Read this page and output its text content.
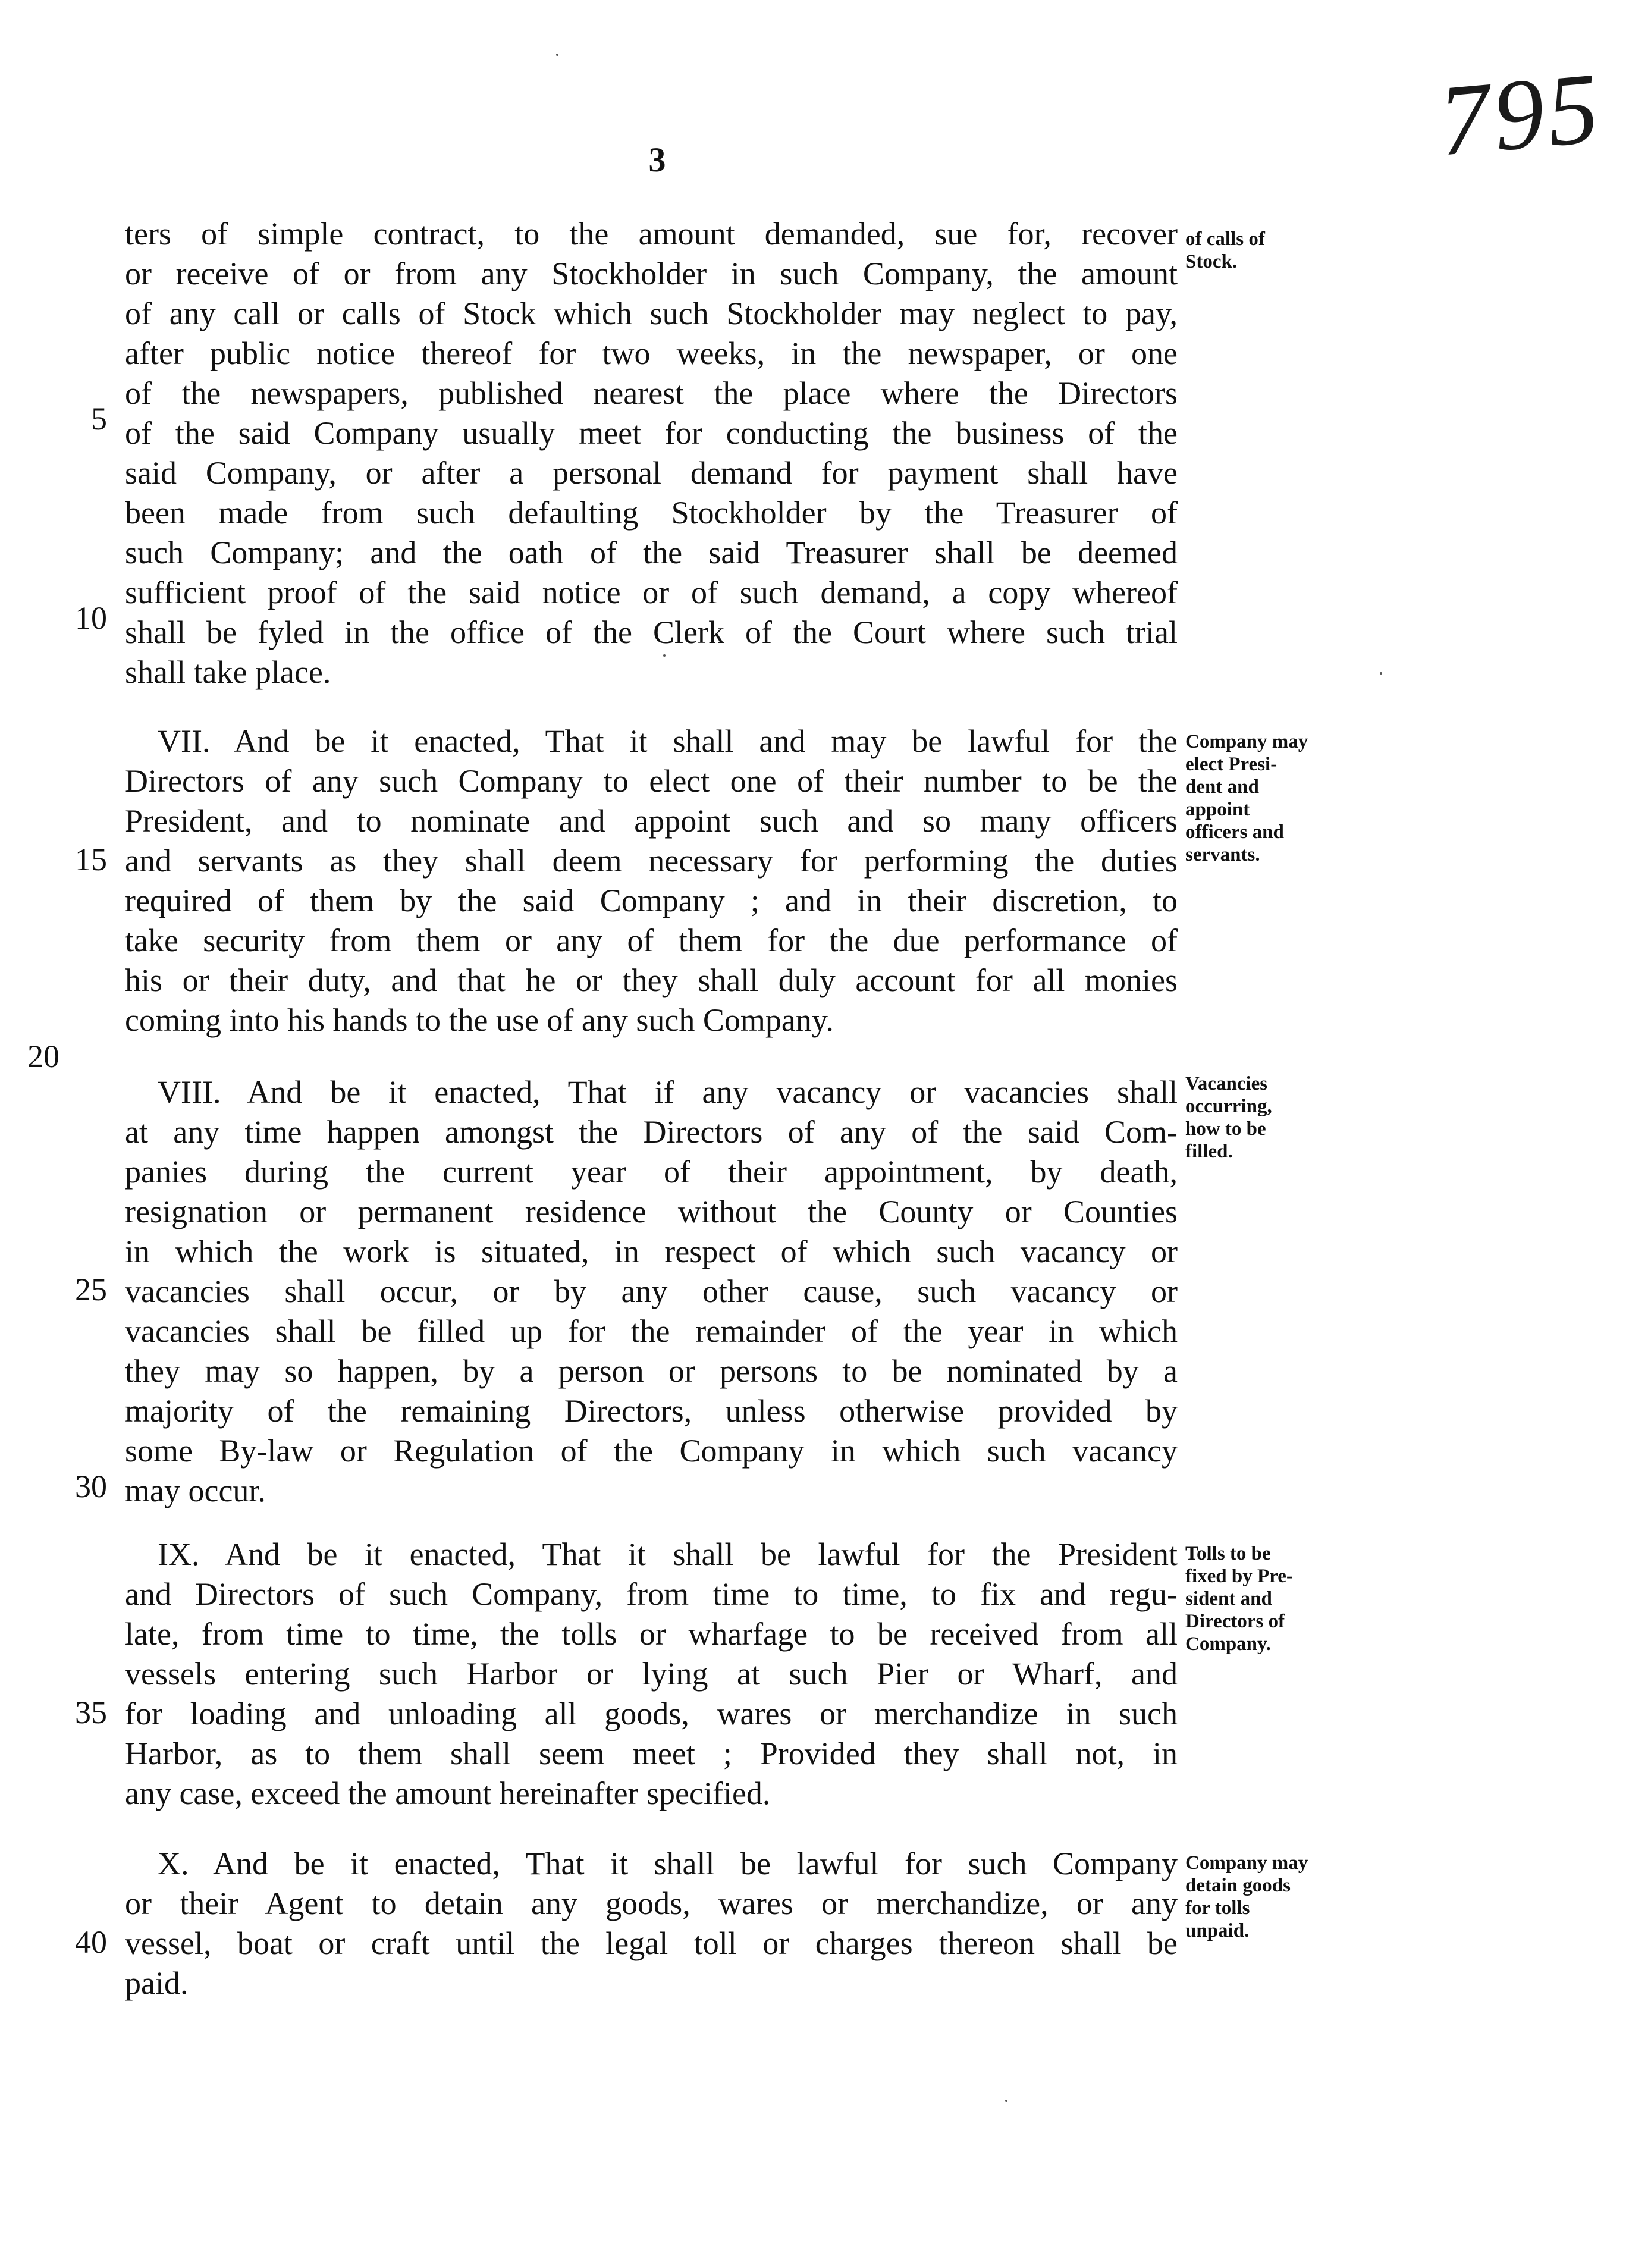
3	795
ters of simple contract, to the amount demanded, sue for, recover
or receive of or from any Stockholder in such Company, the amount
of any call or calls of Stock which such Stockholder may neglect to pay,
after public notice thereof for two weeks, in the newspaper, or one
of the newspapers, published nearest the place where the Directors
of the said Company usually meet for conducting the business of the
said Company, or after a personal demand for payment shall have
been made from such defaulting Stockholder by the Treasurer of
such Company; and the oath of the said Treasurer shall be deemed
sufficient proof of the said notice or of such demand, a copy whereof
shall be fyled in the office of the Clerk of the Court where such trial
shall take place.
VII. And be it enacted, That it shall and may be lawful for the
Directors of any such Company to elect one of their number to be the
President, and to nominate and appoint such and so many officers
and servants as they shall deem necessary for performing the duties
required of them by the said Company ; and in their discretion, to
take security from them or any of them for the due performance of
his or their duty, and that he or they shall duly account for all monies
coming into his hands to the use of any such Company.
VIII. And be it enacted, That if any vacancy or vacancies shall
at any time happen amongst the Directors of any of the said Com-
panies during the current year of their appointment, by death,
resignation or permanent residence without the County or Counties
in which the work is situated, in respect of which such vacancy or
vacancies shall occur, or by any other cause, such vacancy or
vacancies shall be filled up for the remainder of the year in which
they may so happen, by a person or persons to be nominated by a
majority of the remaining Directors, unless otherwise provided by
some By-law or Regulation of the Company in which such vacancy
may occur.
IX. And be it enacted, That it shall be lawful for the President
and Directors of such Company, from time to time, to fix and regu-
late, from time to time, the tolls or wharfage to be received from all
vessels entering such Harbor or lying at such Pier or Wharf, and
for loading and unloading all goods, wares or merchandize in such
Harbor, as to them shall seem meet ; Provided they shall not, in
any case, exceed the amount hereinafter specified.
X. And be it enacted, That it shall be lawful for such Company
or their Agent to detain any goods, wares or merchandize, or any
vessel, boat or craft until the legal toll or charges thereon shall be
paid.
5
10
15
20
25
30
35
40
of calls of
Stock.
Company may
elect Presi-
dent and
appoint
officers and
servants.
Vacancies
occurring,
how to be
filled.
Tolls to be
fixed by Pre-
sident and
Directors of
Company.
Company may
detain goods
for tolls
unpaid.
